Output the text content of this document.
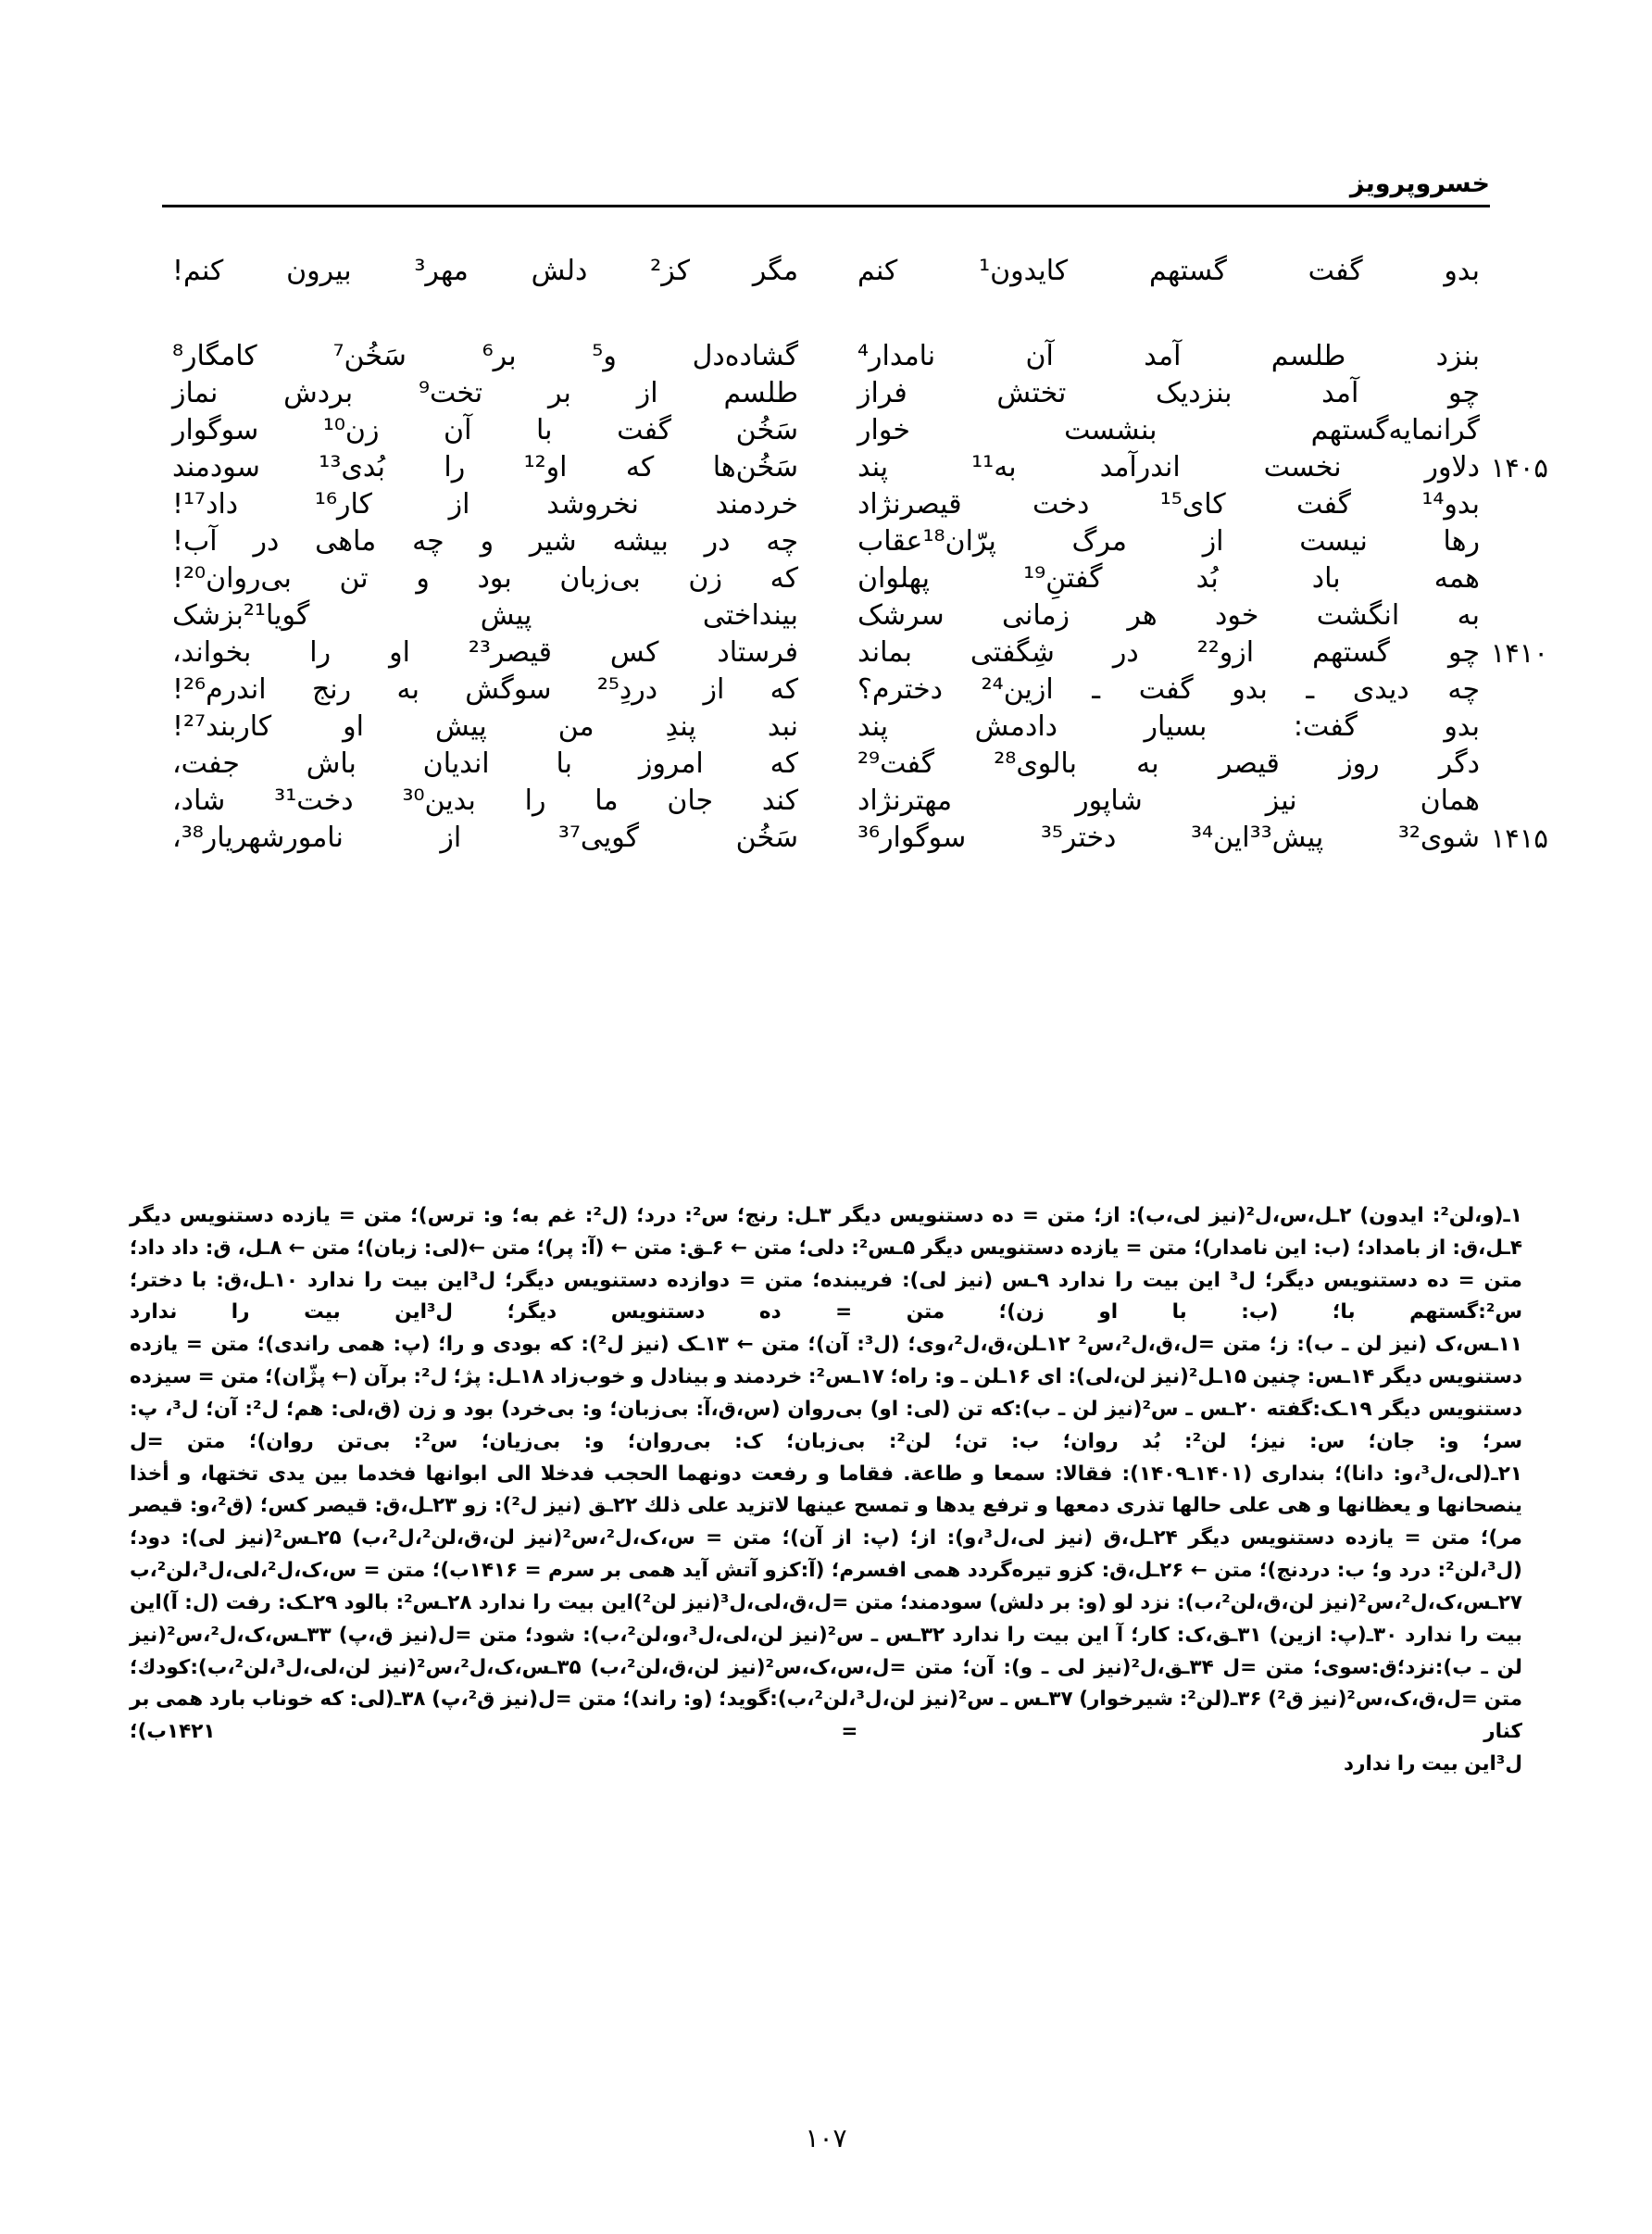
خسروپرویز
بدو گفت گستهم کایدون¹ کنم
مگر کز² دلش مهر³ بیرون کنم!
بنزد طلسم آمد آن نامدار⁴
گشاده‌دل و⁵ بر⁶ سَخُن⁷ کامگار⁸
چو آمد بنزدیک تختش فراز
طلسم از بر تخت⁹ بردش نماز
گرانمایه‌گستهم بنشست خوار
سَخُن گفت با آن زن¹⁰ سوگوار
۱۴۰۵
دلاور نخست اندرآمد به¹¹ پند
سَخُن‌ها که او¹² را بُدی¹³ سودمند
بدو¹⁴ گفت کای¹⁵ دخت قیصرنژاد
خردمند نخروشد از کار¹⁶ داد¹⁷!
رها نیست از مرگ پرّان¹⁸عقاب
چه در بیشه شیر و چه ماهی در آب!
همه باد بُد گفتنِ¹⁹ پهلوان
که زن بی‌زبان بود و تن بی‌روان²⁰!
به انگشت خود هر زمانی سرشک
بینداختی پیش گویا²¹بزشک
۱۴۱۰
چو گستهم ازو²² در شِگفتی بماند
فرستاد کس قیصر²³ او را بخواند،
چه دیدی ـ بدو گفت ـ ازین²⁴ دخترم؟
که از دردِ²⁵ سوگش به رنج اندرم²⁶!
بدو گفت: بسیار دادمش پند
نبد پندِ من پیش او کاربند²⁷!
دگر روز قیصر به بالوی²⁸ گفت²⁹
که امروز با اندیان باش جفت،
همان نیز شاپور مهترنژاد
کند جان ما را بدین³⁰ دخت³¹ شاد،
۱۴۱۵
شوی³² پیش³³این³⁴ دختر³⁵ سوگوار³⁶
سَخُن گویی³⁷ از نامورشهریار³⁸،

۱ـ(و،لن²: ایدون) ۲ـل،س،ل²(نیز لی،ب): از؛ متن = ده دستنویس دیگر ۳ـل: رنج؛ س²: درد؛ (ل²: غم به؛ و: ترس)؛ متن = یازده دستنویس دیگر ۴ـل،ق: از بامداد؛ (ب: این نامدار)؛ متن = یازده دستنویس دیگر ۵ـس²: دلی؛ متن ← ۶ـق: متن ← (آ: پر)؛ متن ←(لی: زبان)؛ متن ← ۸ـل، ق: داد داد؛ متن = ده دستنویس دیگر؛ ل³ این بیت را ندارد ۹ـس (نیز لی): فریبنده؛ متن = دوازده دستنویس دیگر؛ ل³این بیت را ندارد ۱۰ـل،ق: با دختر؛ س²:گستهم با؛ (ب: با او زن)؛ متن = ده دستنویس دیگر؛ ل³این بیت را ندارد

۱۱ـس،ک (نیز لن ـ ب): ز؛ متن =ل،ق،ل²،س² ۱۲ـلن،ق،ل²،وی؛ (ل³: آن)؛ متن ← ۱۳ـک (نیز ل²): که بودی و را؛ (پ: همی راندی)؛ متن = یازده دستنویس دیگر ۱۴ـس: چنین ۱۵ـل²(نیز لن،لی): ای ۱۶ـلن ـ و: راه؛ ۱۷ـس²: خردمند و بینادل و خوب‌زاد ۱۸ـل: پژ؛ ل²: برآن (← پژّان)؛ متن = سیزده دستنویس دیگر ۱۹ـک:گفته ۲۰ـس ـ س²(نیز لن ـ ب):که تن (لی: او) بی‌روان (س،ق،آ: بی‌زبان؛ و: بی‌خرد) بود و زن (ق،لی: هم؛ ل²: آن؛ ل³، پ: سر؛ و: جان؛ س: نیز؛ لن²: بُد روان؛ ب: تن؛ لن²: بی‌زبان؛ ک: بی‌روان؛ و: بی‌زیان؛ س²: بی‌تن روان)؛ متن =ل

۲۱ـ(لی،ل³،و: دانا)؛ بنداری (۱۴۰۱ـ۱۴۰۹): فقالا: سمعا و طاعة. فقاما و رفعت دونهما الحجب فدخلا الی ابوانها فخدما بین یدی تختها، و أخذا ینصحانها و یعظانها و هی علی حالها تذری دمعها و ترفع یدها و تمسح عینها لاتزید علی ذلك ۲۲ـق (نیز ل²): زو ۲۳ـل،ق: قیصر کس؛ (ق²،و: قیصر مر)؛ متن = یازده دستنویس دیگر ۲۴ـل،ق (نیز لی،ل³،و): از؛ (پ: از آن)؛ متن = س،ک،ل²،س²(نیز لن،ق،لن²،ل²،ب) ۲۵ـس²(نیز لی): دود؛ (ل³،لن²: درد و؛ ب: دردنج)؛ متن ← ۲۶ـل،ق: کزو تیره‌گردد همی افسرم؛ (آ:کزو آتش آید همی بر سرم = ۱۴۱۶ب)؛ متن = س،ک،ل²،لی،ل³،لن²،ب

۲۷ـس،ک،ل²،س²(نیز لن،ق،لن²،ب): نزد لو (و: بر دلش) سودمند؛ متن =ل،ق،لی،ل³(نیز لن²)این بیت را ندارد ۲۸ـس²: بالود ۲۹ـک: رفت (ل: آ)این بیت را ندارد ۳۰ـ(پ: ازین) ۳۱ـق،ک: کار؛ آ این بیت را ندارد ۳۲ـس ـ س²(نیز لن،لی،ل³،و،لن²،ب): شود؛ متن =ل(نیز ق،پ) ۳۳ـس،ک،ل²،س²(نیز لن ـ ب):نزد؛ق:سوی؛ متن =ل ۳۴ـق،ل²(نیز لی ـ و): آن؛ متن =ل،س،ک،س²(نیز لن،ق،لن²،ب) ۳۵ـس،ک،ل²،س²(نیز لن،لی،ل³،لن²،ب):کودك؛ متن =ل،ق،ک،س²(نیز ق²) ۳۶ـ(لن²: شیرخوار) ۳۷ـس ـ س²(نیز لن،ل³،لن²،ب):گوید؛ (و: راند)؛ متن =ل(نیز ق²،پ) ۳۸ـ(لی: که خوناب بارد همی بر کنار = ۱۴۲۱ب)؛

ل³این بیت را ندارد

۱۰۷
